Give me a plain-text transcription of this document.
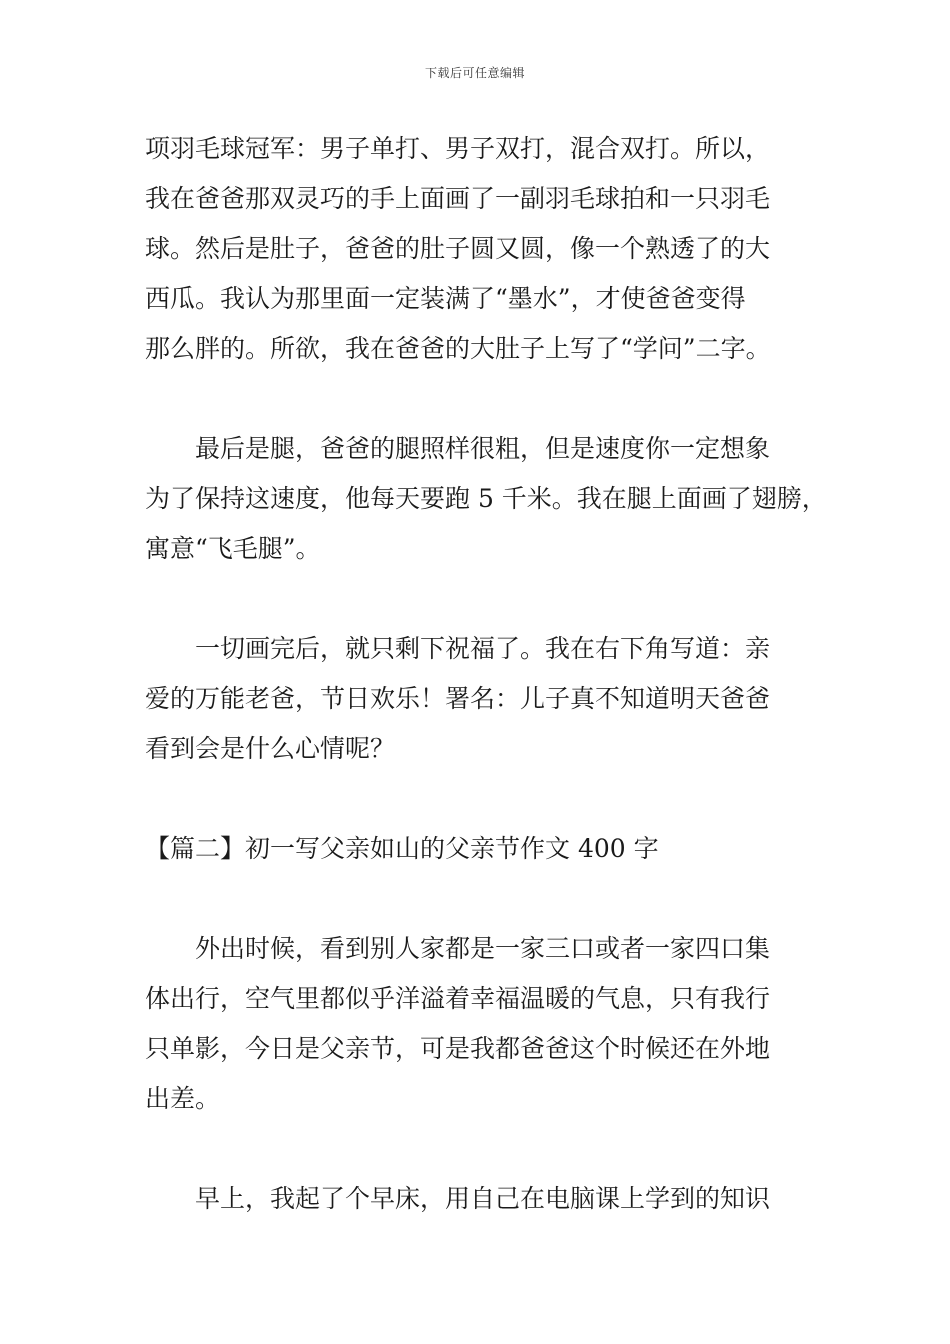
下载后可任意编辑
项羽毛球冠军：男子单打、男子双打，混合双打。所以，
我在爸爸那双灵巧的手上面画了一副羽毛球拍和一只羽毛
球。然后是肚子，爸爸的肚子圆又圆，像一个熟透了的大
西瓜。我认为那里面一定装满了“墨水”，才使爸爸变得
那么胖的。所欲，我在爸爸的大肚子上写了“学问”二字。
　　最后是腿，爸爸的腿照样很粗，但是速度你一定想象
为了保持这速度，他每天要跑 5 千米。我在腿上面画了翅膀，
寓意“飞毛腿”。
　　一切画完后，就只剩下祝福了。我在右下角写道：亲
爱的万能老爸，节日欢乐！署名：儿子真不知道明天爸爸
看到会是什么心情呢？
【篇二】初一写父亲如山的父亲节作文 400 字
　　外出时候，看到别人家都是一家三口或者一家四口集
体出行，空气里都似乎洋溢着幸福温暖的气息，只有我行
只单影，今日是父亲节，可是我都爸爸这个时候还在外地
出差。
　　早上，我起了个早床，用自己在电脑课上学到的知识
